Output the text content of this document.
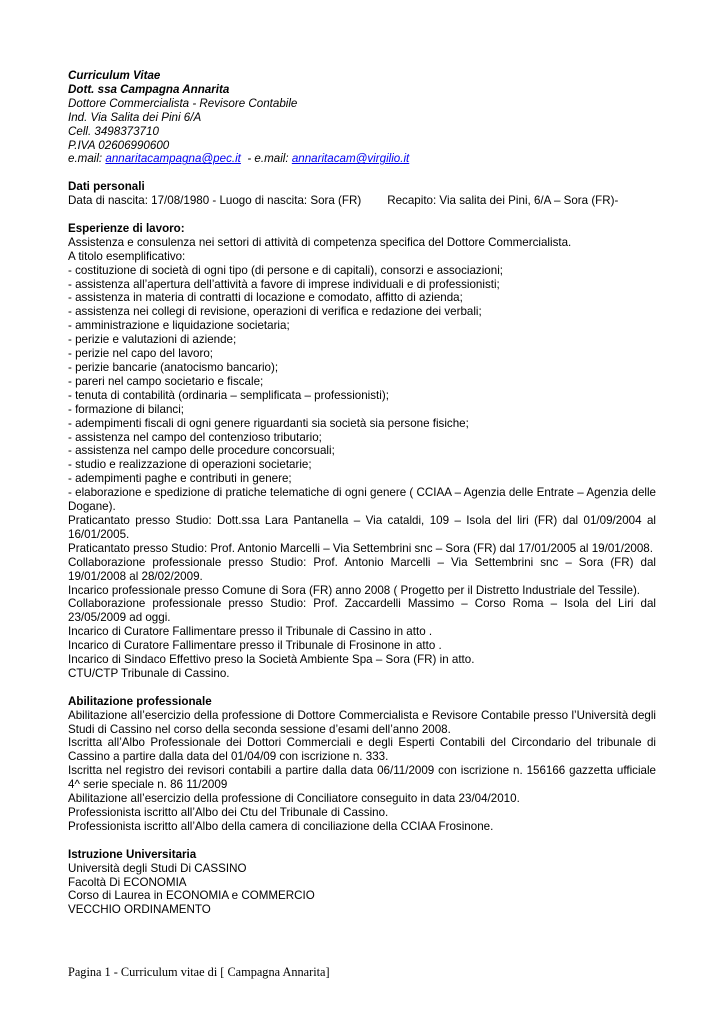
Curriculum Vitae
Dott. ssa Campagna Annarita
Dottore Commercialista - Revisore Contabile
Ind. Via Salita dei Pini 6/A
Cell. 3498373710
P.IVA 02606990600
e.mail: annaritacampagna@pec.it  - e.mail: annaritacam@virgilio.it
Dati personali
Data di nascita: 17/08/1980 - Luogo di nascita: Sora (FR) Recapito: Via salita dei Pini, 6/A – Sora (FR)-
Esperienze di lavoro:
Assistenza e consulenza nei settori di attività di competenza specifica del Dottore Commercialista.
A titolo esemplificativo:
- costituzione di società di ogni tipo (di persone e di capitali), consorzi e associazioni;
- assistenza all’apertura dell’attività a favore di imprese individuali e di professionisti;
- assistenza in materia di contratti di locazione e comodato, affitto di azienda;
- assistenza nei collegi di revisione, operazioni di verifica e redazione dei verbali;
- amministrazione e liquidazione societaria;
- perizie e valutazioni di aziende;
- perizie nel capo del lavoro;
- perizie bancarie (anatocismo bancario);
- pareri nel campo societario e fiscale;
- tenuta di contabilità (ordinaria – semplificata – professionisti);
- formazione di bilanci;
- adempimenti fiscali di ogni genere riguardanti sia società sia persone fisiche;
- assistenza nel campo del contenzioso tributario;
- assistenza nel campo delle procedure concorsuali;
- studio e realizzazione di operazioni societarie;
- adempimenti paghe e contributi in genere;
- elaborazione e spedizione di pratiche telematiche di ogni genere ( CCIAA – Agenzia delle Entrate – Agenzia delle Dogane).
Praticantato presso Studio: Dott.ssa Lara Pantanella – Via cataldi, 109 – Isola del liri (FR) dal 01/09/2004 al 16/01/2005.
Praticantato presso Studio: Prof. Antonio Marcelli – Via Settembrini snc – Sora (FR) dal 17/01/2005 al 19/01/2008.
Collaborazione professionale presso Studio: Prof. Antonio Marcelli – Via Settembrini snc – Sora (FR) dal 19/01/2008 al 28/02/2009.
Incarico professionale presso Comune di Sora (FR) anno 2008 ( Progetto per il Distretto Industriale del Tessile).
Collaborazione professionale presso Studio: Prof. Zaccardelli Massimo – Corso Roma – Isola del Liri dal 23/05/2009 ad oggi.
Incarico di Curatore Fallimentare presso il Tribunale di Cassino in atto .
Incarico di Curatore Fallimentare presso il Tribunale di Frosinone in atto .
Incarico di Sindaco Effettivo preso la Società Ambiente Spa – Sora (FR) in atto.
CTU/CTP Tribunale di Cassino.
Abilitazione professionale
Abilitazione all’esercizio della professione di Dottore Commercialista e Revisore Contabile presso l’Università degli Studi di Cassino nel corso della seconda sessione d’esami dell’anno 2008.
Iscritta all’Albo Professionale dei Dottori Commerciali e degli Esperti Contabili del Circondario del tribunale di Cassino a partire dalla data del 01/04/09 con iscrizione n. 333.
Iscritta nel registro dei revisori contabili a partire dalla data 06/11/2009 con iscrizione n. 156166 gazzetta ufficiale 4^ serie speciale n. 86 11/2009
Abilitazione all’esercizio della professione di Conciliatore conseguito in data 23/04/2010.
Professionista iscritto all’Albo dei Ctu del Tribunale di Cassino.
Professionista iscritto all’Albo della camera di conciliazione della CCIAA Frosinone.
Istruzione Universitaria
Università degli Studi Di CASSINO
Facoltà Di ECONOMIA
Corso di Laurea in ECONOMIA e COMMERCIO
VECCHIO ORDINAMENTO
Pagina 1 - Curriculum vitae di [ Campagna Annarita]
